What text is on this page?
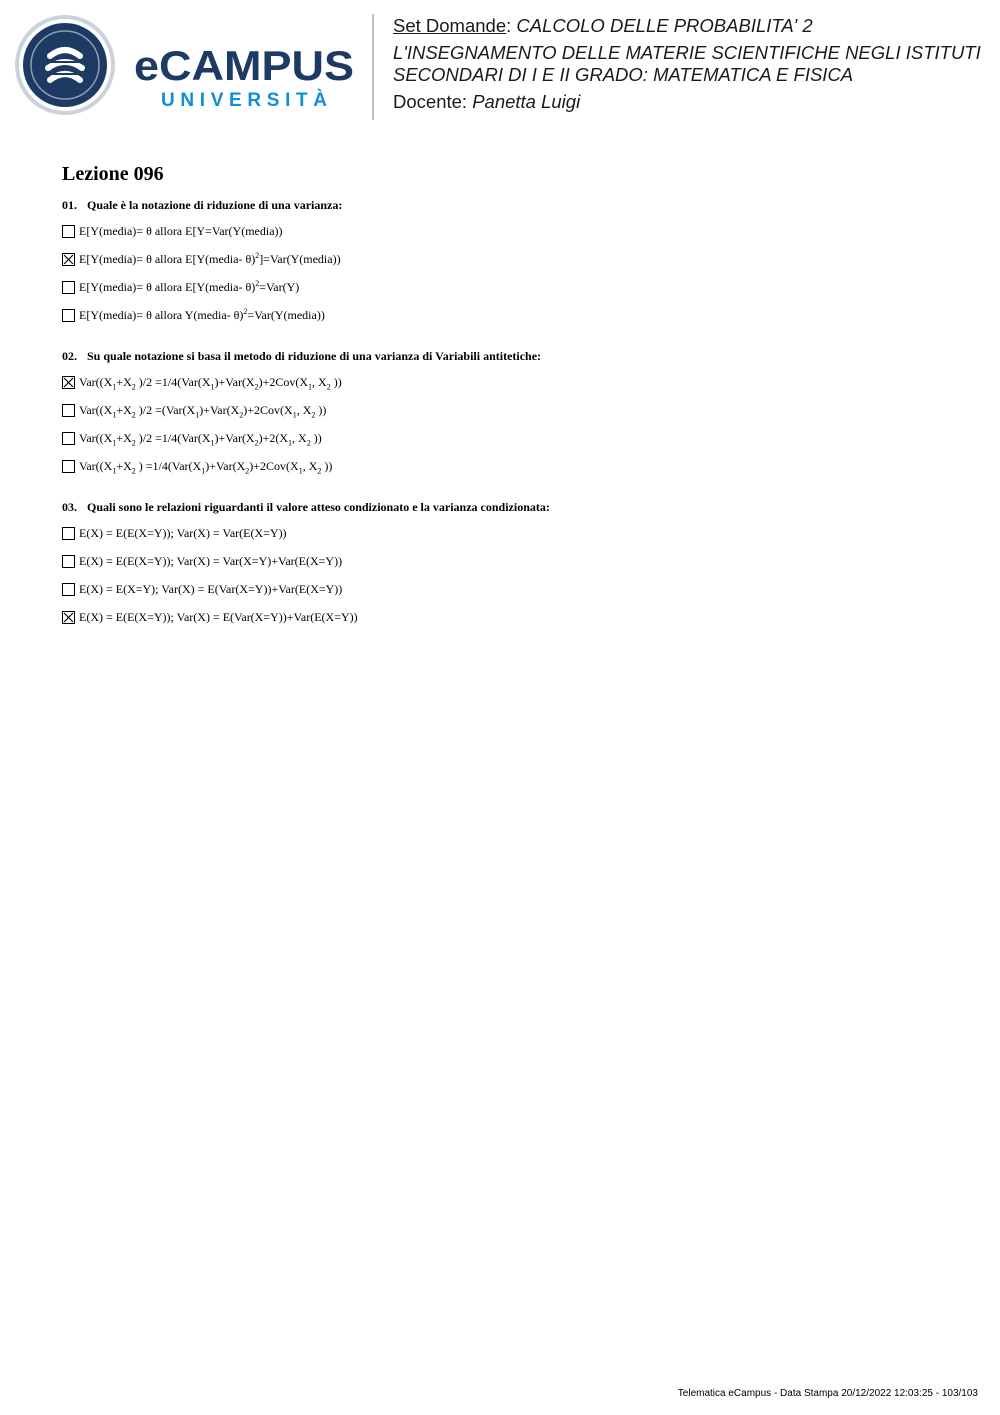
eCAMPUS
UNIVERSITÀ
Set Domande: CALCOLO DELLE PROBABILITA' 2
L'INSEGNAMENTO DELLE MATERIE SCIENTIFICHE NEGLI ISTITUTI
SECONDARI DI I E II GRADO: MATEMATICA E FISICA
Docente: Panetta Luigi
Lezione 096
01. Quale è la notazione di riduzione di una varianza:
E[Y(media)= θ allora E[Y=Var(Y(media))
E[Y(media)= θ allora E[Y(media- θ)$^2$]=Var(Y(media))
E[Y(media)= θ allora E[Y(media- θ)$^2$=Var(Y)
E[Y(media)= θ allora Y(media- θ)$^2$=Var(Y(media))
02. Su quale notazione si basa il metodo di riduzione di una varianza di Variabili antitetiche:
$Var((X_1+X_2$ )$/2 =1/4(Var(X_1)+Var(X_2)+2Cov(X_1$, $X_2$ ))
$Var((X_1+X_2$ )$/2 =(Var(X_1)+Var(X_2)+2Cov(X_1$, $X_2$ ))
$Var((X_1+X_2$ )$/2 =1/4(Var(X_1)+Var(X_2)+2(X_1$, $X_2$ ))
$Var((X_1+X_2$ ) $=1/4(Var(X_1)+Var(X_2)+2Cov(X_1$, $X_2$ ))
03. Quali sono le relazioni riguardanti il valore atteso condizionato e la varianza condizionata:
E(X) = E(E(X=Y)); Var(X) = Var(E(X=Y))
E(X) = E(E(X=Y)); Var(X) = Var(X=Y)+Var(E(X=Y))
E(X) = E(X=Y); Var(X) = E(Var(X=Y))+Var(E(X=Y))
E(X) = E(E(X=Y)); Var(X) = E(Var(X=Y))+Var(E(X=Y))
Telematica eCampus - Data Stampa 20/12/2022 12:03:25 - 103/103
